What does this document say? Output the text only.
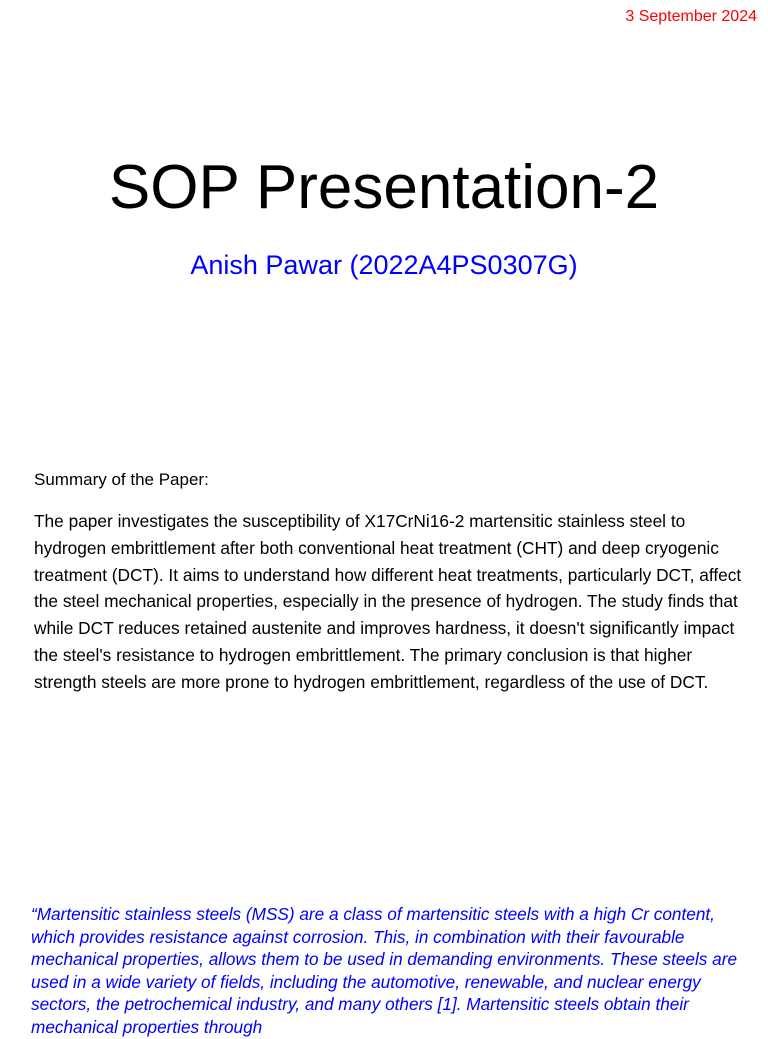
3 September 2024
SOP Presentation-2
Anish Pawar (2022A4PS0307G)
Summary of the Paper:
The paper investigates the susceptibility of X17CrNi16-2 martensitic stainless steel to hydrogen embrittlement after both conventional heat treatment (CHT) and deep cryogenic treatment (DCT). It aims to understand how different heat treatments, particularly DCT, affect the steel mechanical properties, especially in the presence of hydrogen. The study finds that while DCT reduces retained austenite and improves hardness, it doesn't significantly impact the steel's resistance to hydrogen embrittlement. The primary conclusion is that higher strength steels are more prone to hydrogen embrittlement, regardless of the use of DCT.
“Martensitic stainless steels (MSS) are a class of martensitic steels with a high Cr content, which provides resistance against corrosion. This, in combination with their favourable mechanical properties, allows them to be used in demanding environments. These steels are used in a wide variety of fields, including the automotive, renewable, and nuclear energy sectors, the petrochemical industry, and many others [1]. Martensitic steels obtain their mechanical properties through
